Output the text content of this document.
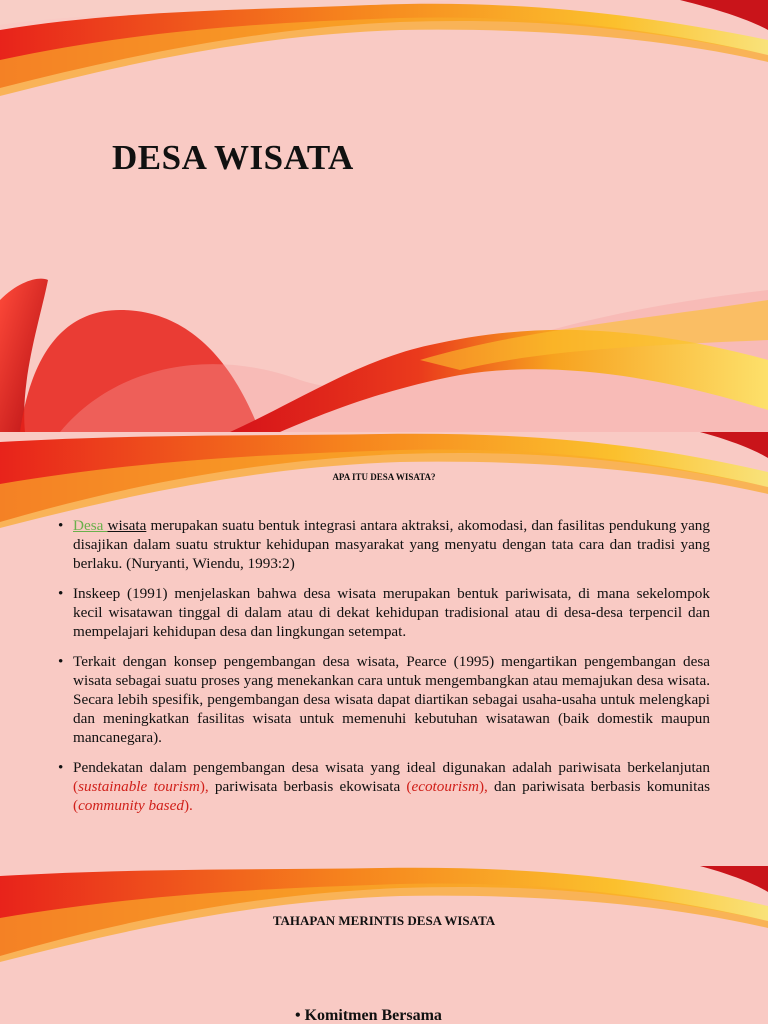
DESA WISATA
APA ITU DESA WISATA?
• Desa wisata merupakan suatu bentuk integrasi antara aktraksi, akomodasi, dan fasilitas pendukung yang disajikan dalam suatu struktur kehidupan masyarakat yang menyatu dengan tata cara dan tradisi yang berlaku. (Nuryanti, Wiendu, 1993:2)
• Inskeep (1991) menjelaskan bahwa desa wisata merupakan bentuk pariwisata, di mana sekelompok kecil wisatawan tinggal di dalam atau di dekat kehidupan tradisional atau di desa-desa terpencil dan mempelajari kehidupan desa dan lingkungan setempat.
• Terkait dengan konsep pengembangan desa wisata, Pearce (1995) mengartikan pengembangan desa wisata sebagai suatu proses yang menekankan cara untuk mengembangkan atau memajukan desa wisata. Secara lebih spesifik, pengembangan desa wisata dapat diartikan sebagai usaha-usaha untuk melengkapi dan meningkatkan fasilitas wisata untuk memenuhi kebutuhan wisatawan (baik domestik maupun mancanegara).
• Pendekatan dalam pengembangan desa wisata yang ideal digunakan adalah pariwisata berkelanjutan (sustainable tourism), pariwisata berbasis ekowisata (ecotourism), dan pariwisata berbasis komunitas (community based).
TAHAPAN MERINTIS DESA WISATA
• Komitmen Bersama
